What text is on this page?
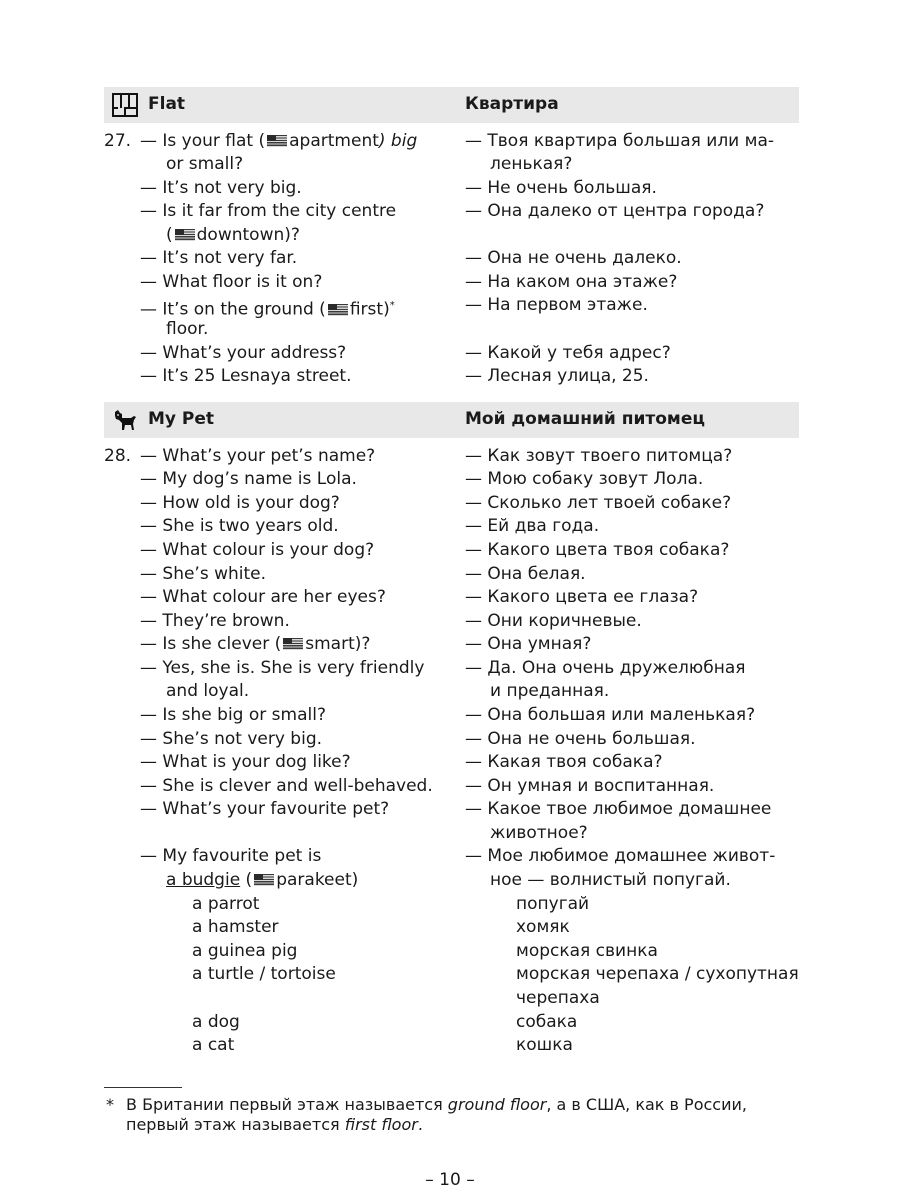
Flat	Квартира
27. — Is your flat ( apartment) big
or small?
— It’s not very big.
— Is it far from the city centre
( downtown)?
— It’s not very far.
— What floor is it on?
— It’s on the ground ( first)*
floor.
— What’s your address?
— It’s 25 Lesnaya street.
— Твоя квартира большая или ма-
ленькая?
— Не очень большая.
— Она далеко от центра города?
— Она не очень далеко.
— На каком она этаже?
— На первом этаже.
— Какой у тебя адрес?
— Лесная улица, 25.
My Pet	Мой домашний питомец
28. — What’s your pet’s name?
— My dog’s name is Lola.
— How old is your dog?
— She is two years old.
— What colour is your dog?
— She’s white.
— What colour are her eyes?
— They’re brown.
— Is she clever ( smart)?
— Yes, she is. She is very friendly
and loyal.
— Is she big or small?
— She’s not very big.
— What is your dog like?
— She is clever and well-behaved.
— What’s your favourite pet?
— My favourite pet is
a budgie ( parakeet)
a parrot
a hamster
a guinea pig
a turtle / tortoise
a dog
a cat
— Как зовут твоего питомца?
— Мою собаку зовут Лола.
— Сколько лет твоей собаке?
— Ей два года.
— Какого цвета твоя собака?
— Она белая.
— Какого цвета ее глаза?
— Они коричневые.
— Она умная?
— Да. Она очень дружелюбная
и преданная.
— Она большая или маленькая?
— Она не очень большая.
— Какая твоя собака?
— Он умная и воспитанная.
— Какое твое любимое домашнее
животное?
— Мое любимое домашнее живот-
ное — волнистый попугай.
попугай
хомяк
морская свинка
морская черепаха / сухопутная
черепаха
собака
кошка
* В Британии первый этаж называется ground floor, а в США, как в России,
первый этаж называется first floor.
– 10 –
